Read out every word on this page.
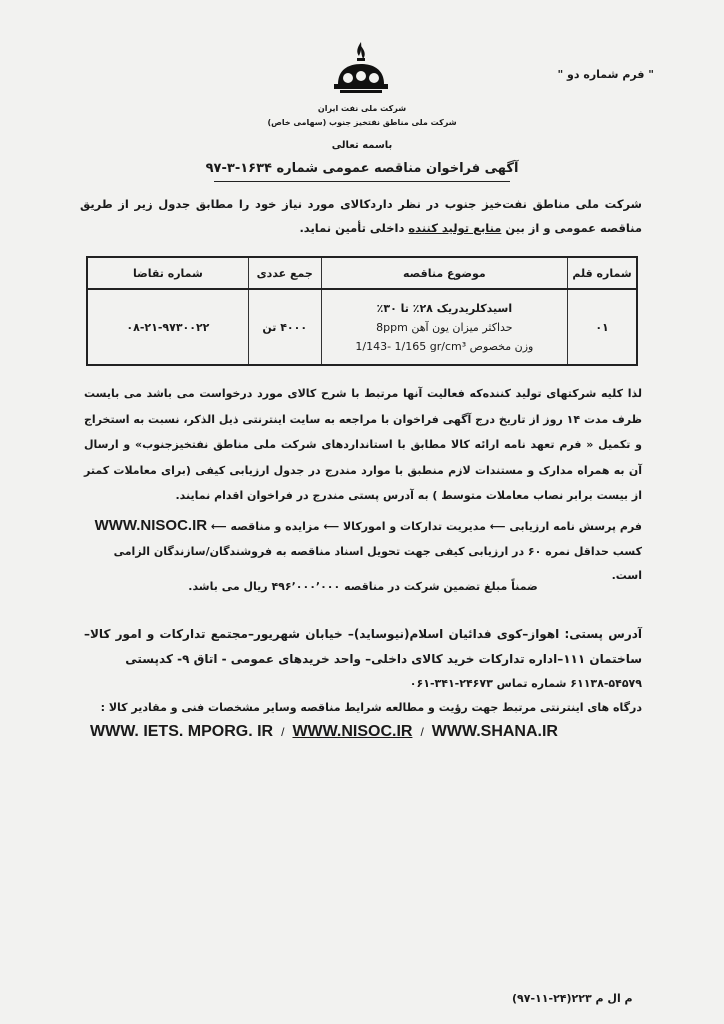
" فرم شماره دو "
شرکت ملی نفت ایران
شرکت ملی مناطق نفتخیز جنوب (سهامی خاص)
باسمه تعالی
آگهی فراخوان مناقصه عمومی شماره ۱۶۳۴-۳-۹۷
شرکت ملی مناطق نفت‌خیز جنوب در نظر داردکالای مورد نیاز خود را مطابق جدول زیر از طریق مناقصه عمومی و از بین منابع تولید کننده داخلی تأمین نماید.
شماره قلم	موضوع مناقصه	جمع عددی	شماره تقاضا
۰۱	اسیدکلریدریک ۲۸٪ تا ۳۰٪
حداکثر میزان یون آهن 8ppm
وزن مخصوص 1/143- 1/165 gr/cm³	۴۰۰۰ تن	۰۸-۲۱-۹۷۳۰۰۲۲
لذا کلیه شرکتهای تولید کننده‌که فعالیت آنها مرتبط با شرح کالای مورد درخواست می باشد می بایست ظرف مدت ۱۴ روز از تاریخ درج آگهی فراخوان با مراجعه به سایت اینترنتی ذیل الذکر، نسبت به استخراج و تکمیل « فرم تعهد نامه ارائه کالا مطابق با استانداردهای شرکت ملی مناطق نفتخیزجنوب» و ارسال آن به همراه مدارک و مستندات لازم منطبق با موارد مندرج در جدول ارزیابی کیفی (برای معاملات کمتر از بیست برابر نصاب معاملات متوسط ) به آدرس پستی مندرج در فراخوان اقدام نمایند.
فرم پرسش نامه ارزیابی ⟵ مدیریت تدارکات و امورکالا ⟵ مزایده و مناقصه ⟵ WWW.NISOC.IR
کسب حداقل نمره ۶۰ در ارزیابی کیفی جهت تحویل اسناد مناقصه به فروشندگان/سازندگان الزامی است.
ضمناً مبلغ تضمین شرکت در مناقصه ۴۹۶٬۰۰۰٬۰۰۰ ریال می باشد.
آدرس پستی: اهواز–کوی فدائیان اسلام(نیوساید)– خیابان شهریور–مجتمع تدارکات و امور کالا– ساختمان ۱۱۱–اداره تدارکات خرید کالای داخلی– واحد خریدهای عمومی - اتاق ۹- کدپستی
۶۱۱۳۸-۵۴۵۷۹ شماره تماس ۲۴۶۷۳-۳۴۱-۰۶۱
درگاه های اینترنتی مرتبط جهت رؤیت و مطالعه شرایط مناقصه وسایر مشخصات فنی و مقادیر کالا :
WWW. IETS. MPORG. IR / WWW.NISOC.IR / WWW.SHANA.IR
م ال م ۲۲۳(۲۴-۱۱-۹۷)
